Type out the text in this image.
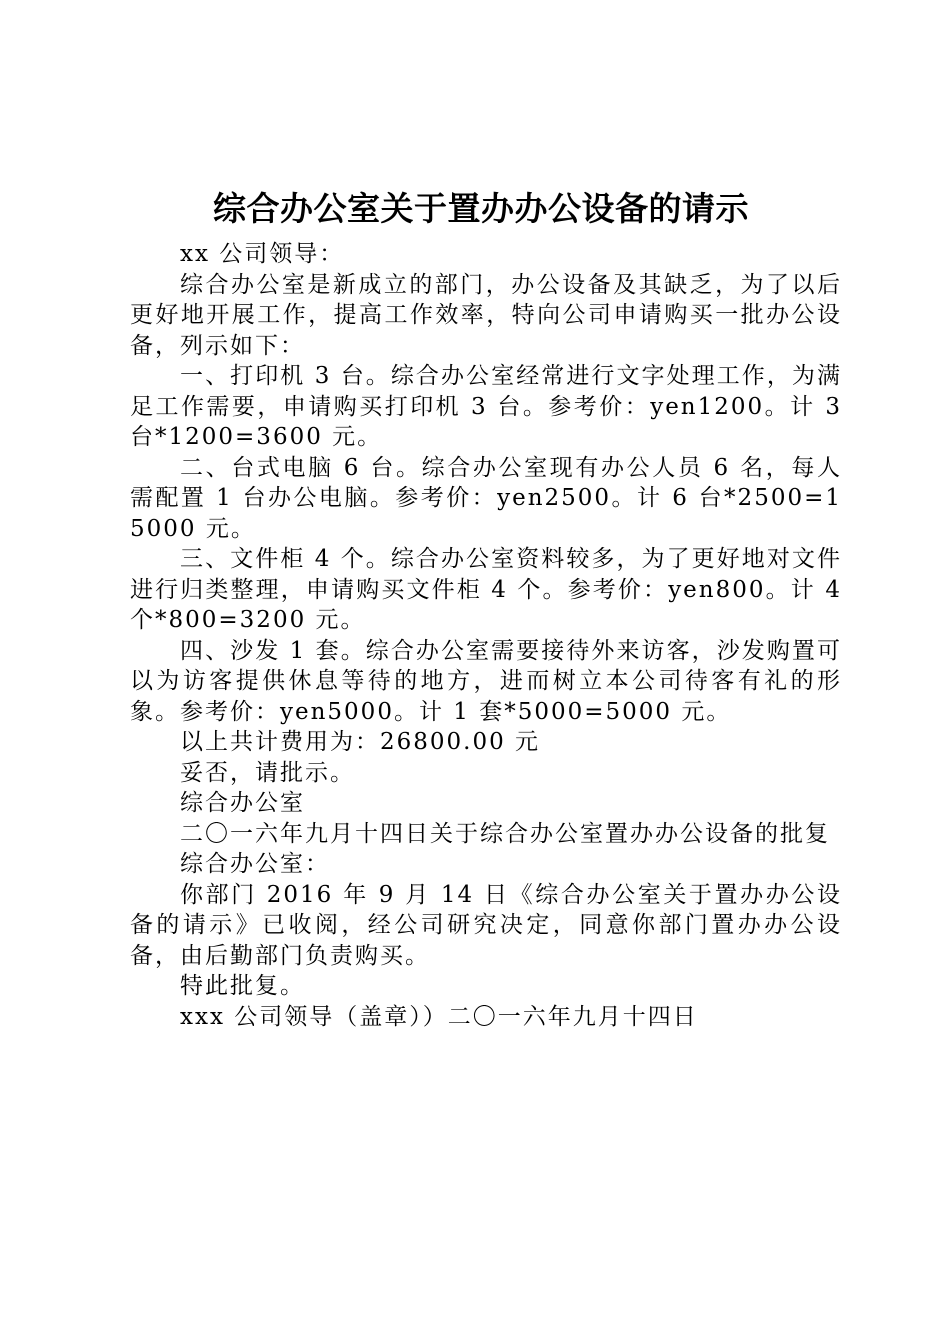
综合办公室关于置办办公设备的请示

xx 公司领导：

综合办公室是新成立的部门，办公设备及其缺乏，为了以后更好地开展工作，提高工作效率，特向公司申请购买一批办公设备，列示如下：

一、打印机 3 台。综合办公室经常进行文字处理工作，为满足工作需要，申请购买打印机 3 台。参考价：yen1200。计 3 台*1200=3600 元。

二、台式电脑 6 台。综合办公室现有办公人员 6 名，每人需配置 1 台办公电脑。参考价：yen2500。计 6 台*2500=15000 元。

三、文件柜 4 个。综合办公室资料较多，为了更好地对文件进行归类整理，申请购买文件柜 4 个。参考价：yen800。计 4 个*800=3200 元。

四、沙发 1 套。综合办公室需要接待外来访客，沙发购置可以为访客提供休息等待的地方，进而树立本公司待客有礼的形象。参考价：yen5000。计 1 套*5000=5000 元。

以上共计费用为：26800.00 元

妥否，请批示。

综合办公室

二〇一六年九月十四日关于综合办公室置办办公设备的批复

综合办公室：

你部门 2016 年 9 月 14 日《综合办公室关于置办办公设备的请示》已收阅，经公司研究决定，同意你部门置办办公设备，由后勤部门负责购买。

特此批复。

xxx 公司领导（盖章））二〇一六年九月十四日
